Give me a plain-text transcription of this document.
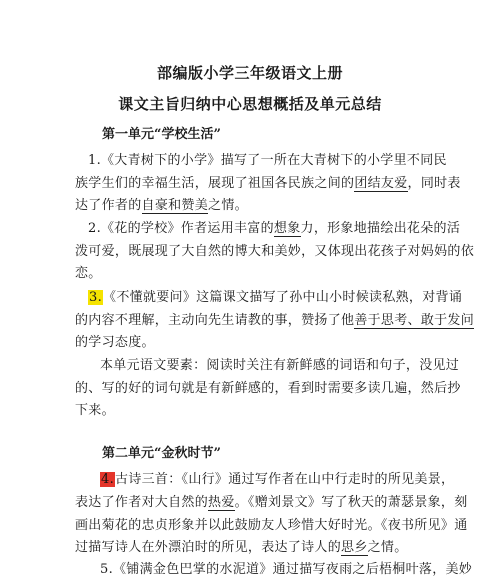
部编版小学三年级语文上册
课文主旨归纳中心思想概括及单元总结
第一单元“学校生活”
1.《大青树下的小学》描写了一所在大青树下的小学里不同民
族学生们的幸福生活，展现了祖国各民族之间的团结友爱，同时表
达了作者的自豪和赞美之情。
2.《花的学校》作者运用丰富的想象力，形象地描绘出花朵的活
泼可爱，既展现了大自然的博大和美妙，又体现出花孩子对妈妈的依
恋。
3.《不懂就要问》这篇课文描写了孙中山小时候读私熟，对背诵
的内容不理解，主动向先生请教的事，赞扬了他善于思考、敢于发问
的学习态度。
本单元语文要素：阅读时关注有新鲜感的词语和句子，没见过
的、写的好的词句就是有新鲜感的，看到时需要多读几遍，然后抄
下来。
第二单元“金秋时节”
4.古诗三首：《山行》通过写作者在山中行走时的所见美景，
表达了作者对大自然的热爱。《赠刘景文》写了秋天的萧瑟景象，刻
画出菊花的忠贞形象并以此鼓励友人珍惜大好时光。《夜书所见》通
过描写诗人在外漂泊时的所见，表达了诗人的思乡之情。
5.《铺满金色巴掌的水泥道》通过描写夜雨之后梧桐叶落，美妙
